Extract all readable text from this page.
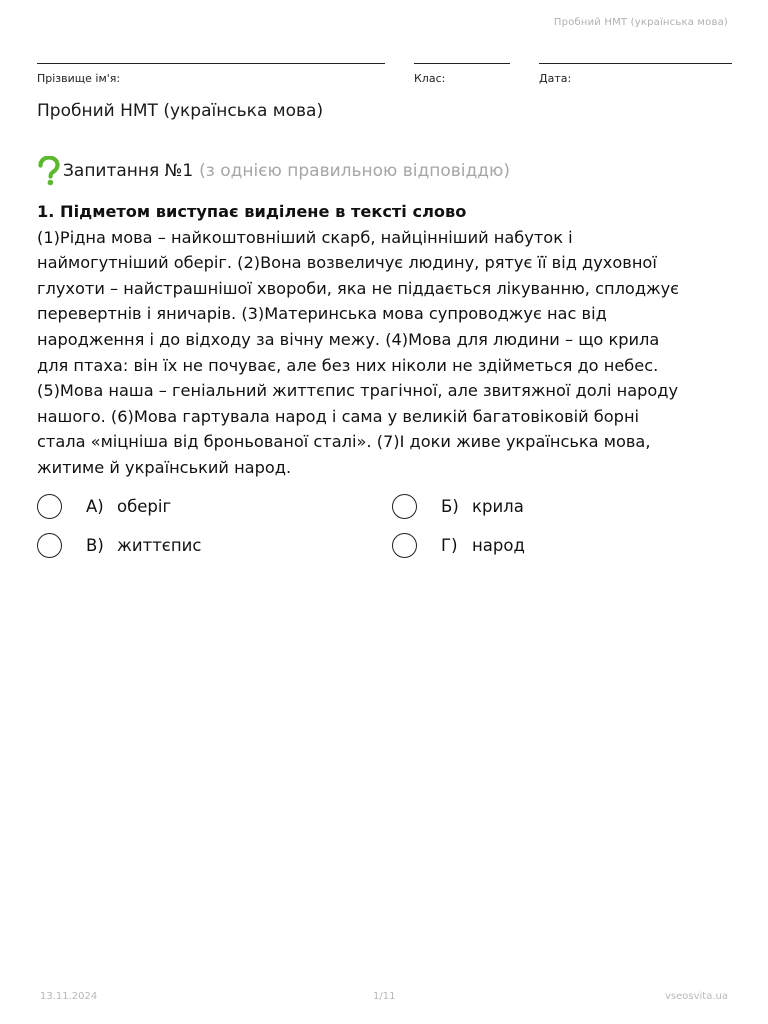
Пробний НМТ (українська мова)
Прізвище ім'я:	Клас:	Дата:
Пробний НМТ (українська мова)
Запитання №1 (з однією правильною відповіддю)
1. Підметом виступає виділене в тексті слово
(1)Рідна мова – найкоштовніший скарб, найцінніший набуток і
наймогутніший оберіг. (2)Вона возвеличує людину, рятує її від духовної
глухоти – найстрашнішої хвороби, яка не піддається лікуванню, сплоджує
перевертнів і яничарів. (3)Материнська мова супроводжує нас від
народження і до відходу за вічну межу. (4)Мова для людини – що крила
для птаха: він їх не почуває, але без них ніколи не здійметься до небес.
(5)Мова наша – геніальний життєпис трагічної, але звитяжної долі народу
нашого. (6)Мова гартувала народ і сама у великій багатовіковій борні
стала «міцніша від броньованої сталі». (7)І доки живе українська мова,
житиме й український народ.
А) оберіг	Б) крила
В) життєпис	Г) народ
13.11.2024	1/11	vseosvita.ua
